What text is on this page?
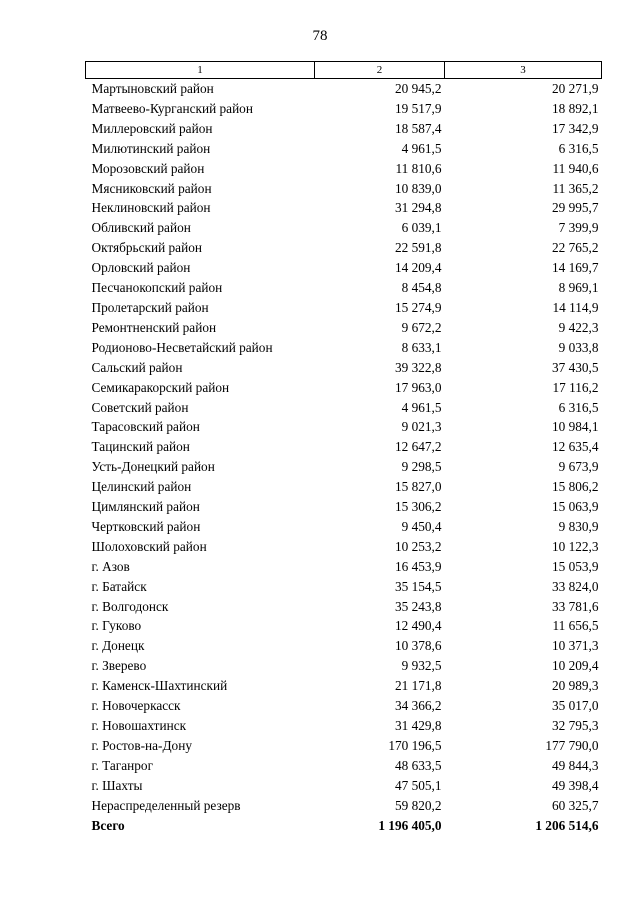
78
1	2	3
Мартыновский район	20 945,2	20 271,9
Матвеево-Курганский район	19 517,9	18 892,1
Миллеровский район	18 587,4	17 342,9
Милютинский район	4 961,5	6 316,5
Морозовский район	11 810,6	11 940,6
Мясниковский район	10 839,0	11 365,2
Неклиновский район	31 294,8	29 995,7
Обливский район	6 039,1	7 399,9
Октябрьский район	22 591,8	22 765,2
Орловский район	14 209,4	14 169,7
Песчанокопский район	8 454,8	8 969,1
Пролетарский район	15 274,9	14 114,9
Ремонтненский район	9 672,2	9 422,3
Родионово-Несветайский район	8 633,1	9 033,8
Сальский район	39 322,8	37 430,5
Семикаракорский район	17 963,0	17 116,2
Советский район	4 961,5	6 316,5
Тарасовский район	9 021,3	10 984,1
Тацинский район	12 647,2	12 635,4
Усть-Донецкий район	9 298,5	9 673,9
Целинский район	15 827,0	15 806,2
Цимлянский район	15 306,2	15 063,9
Чертковский район	9 450,4	9 830,9
Шолоховский район	10 253,2	10 122,3
г. Азов	16 453,9	15 053,9
г. Батайск	35 154,5	33 824,0
г. Волгодонск	35 243,8	33 781,6
г. Гуково	12 490,4	11 656,5
г. Донецк	10 378,6	10 371,3
г. Зверево	9 932,5	10 209,4
г. Каменск-Шахтинский	21 171,8	20 989,3
г. Новочеркасск	34 366,2	35 017,0
г. Новошахтинск	31 429,8	32 795,3
г. Ростов-на-Дону	170 196,5	177 790,0
г. Таганрог	48 633,5	49 844,3
г. Шахты	47 505,1	49 398,4
Нераспределенный резерв	59 820,2	60 325,7
Всего	1 196 405,0	1 206 514,6
